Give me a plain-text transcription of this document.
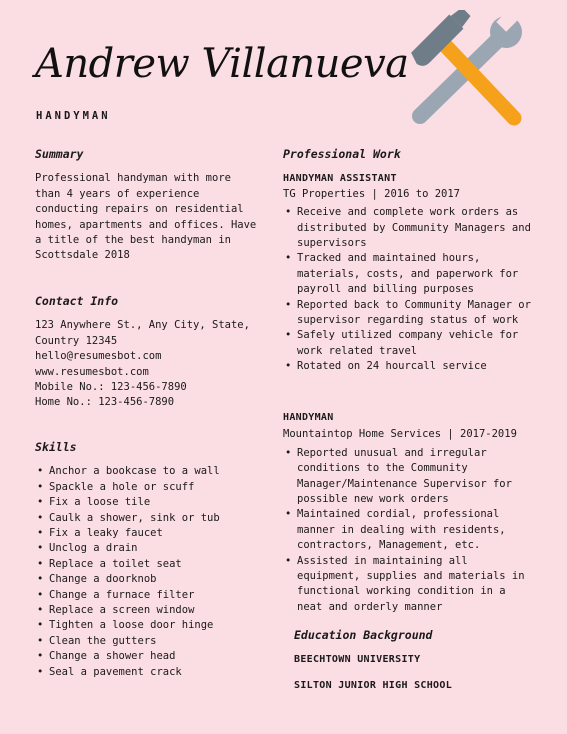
Andrew Villanueva
HANDYMAN

Summary

Professional handyman with more

than 4 years of experience

conducting repairs on residential

homes, apartments and offices. Have

a title of the best handyman in

Scottsdale 2018

Contact Info

123 Anywhere St., Any City, State,

Country 12345

hello@resumesbot.com

www.resumesbot.com

Mobile No.: 123-456-7890

Home No.: 123-456-7890

Skills

• Anchor a bookcase to a wall
• Spackle a hole or scuff
• Fix a loose tile
• Caulk a shower, sink or tub
• Fix a leaky faucet
• Unclog a drain
• Replace a toilet seat
• Change a doorknob
• Change a furnace filter
• Replace a screen window
• Tighten a loose door hinge
• Clean the gutters
• Change a shower head
• Seal a pavement crack

Professional Work

HANDYMAN ASSISTANT

TG Properties | 2016 to 2017

• Receive and complete work orders as
distributed by Community Managers and
supervisors
• Tracked and maintained hours,
materials, costs, and paperwork for
payroll and billing purposes
• Reported back to Community Manager or
supervisor regarding status of work
• Safely utilized company vehicle for
work related travel
• Rotated on 24 hourcall service

HANDYMAN

Mountaintop Home Services | 2017-2019

• Reported unusual and irregular
conditions to the Community
Manager/Maintenance Supervisor for
possible new work orders
• Maintained cordial, professional
manner in dealing with residents,
contractors, Management, etc.
• Assisted in maintaining all
equipment, supplies and materials in
functional working condition in a
neat and orderly manner

Education Background

BEECHTOWN UNIVERSITY

SILTON JUNIOR HIGH SCHOOL
